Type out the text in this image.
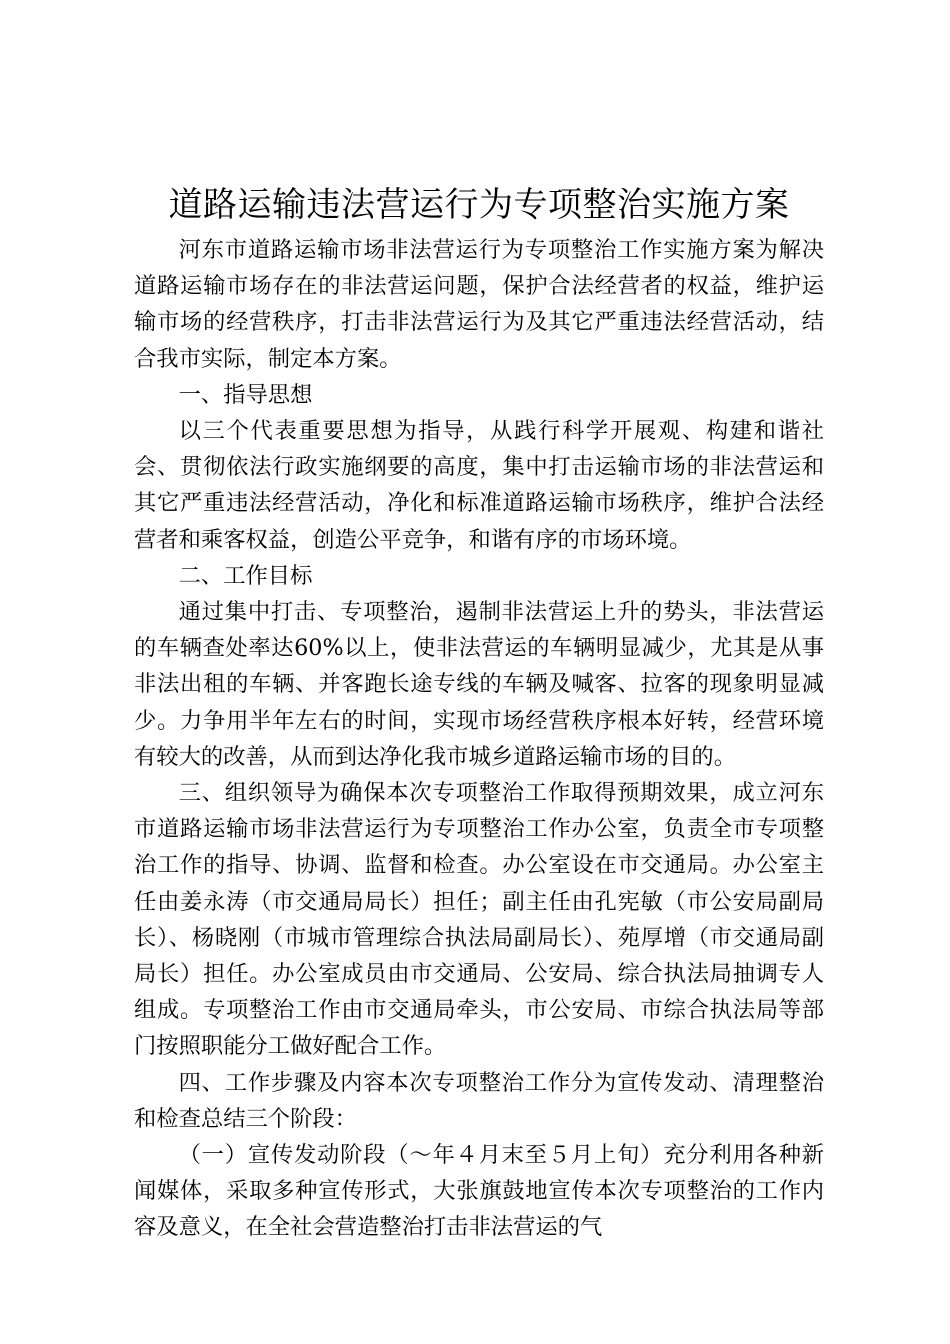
道路运输违法营运行为专项整治实施方案

河东市道路运输市场非法营运行为专项整治工作实施方案为解决道路运输市场存在的非法营运问题，保护合法经营者的权益，维护运输市场的经营秩序，打击非法营运行为及其它严重违法经营活动，结合我市实际，制定本方案。

一、指导思想

以三个代表重要思想为指导，从践行科学开展观、构建和谐社会、贯彻依法行政实施纲要的高度，集中打击运输市场的非法营运和其它严重违法经营活动，净化和标准道路运输市场秩序，维护合法经营者和乘客权益，创造公平竞争，和谐有序的市场环境。

二、工作目标

通过集中打击、专项整治，遏制非法营运上升的势头，非法营运的车辆查处率达60%以上，使非法营运的车辆明显减少，尤其是从事非法出租的车辆、并客跑长途专线的车辆及喊客、拉客的现象明显减少。力争用半年左右的时间，实现市场经营秩序根本好转，经营环境有较大的改善，从而到达净化我市城乡道路运输市场的目的。

三、组织领导为确保本次专项整治工作取得预期效果，成立河东市道路运输市场非法营运行为专项整治工作办公室，负责全市专项整治工作的指导、协调、监督和检查。办公室设在市交通局。办公室主任由姜永涛（市交通局局长）担任；副主任由孔宪敏（市公安局副局长）、杨晓刚（市城市管理综合执法局副局长）、苑厚增（市交通局副局长）担任。办公室成员由市交通局、公安局、综合执法局抽调专人组成。专项整治工作由市交通局牵头，市公安局、市综合执法局等部门按照职能分工做好配合工作。

四、工作步骤及内容本次专项整治工作分为宣传发动、清理整治和检查总结三个阶段：

（一）宣传发动阶段（～年４月末至５月上旬）充分利用各种新闻媒体，采取多种宣传形式，大张旗鼓地宣传本次专项整治的工作内容及意义，在全社会营造整治打击非法营运的气
